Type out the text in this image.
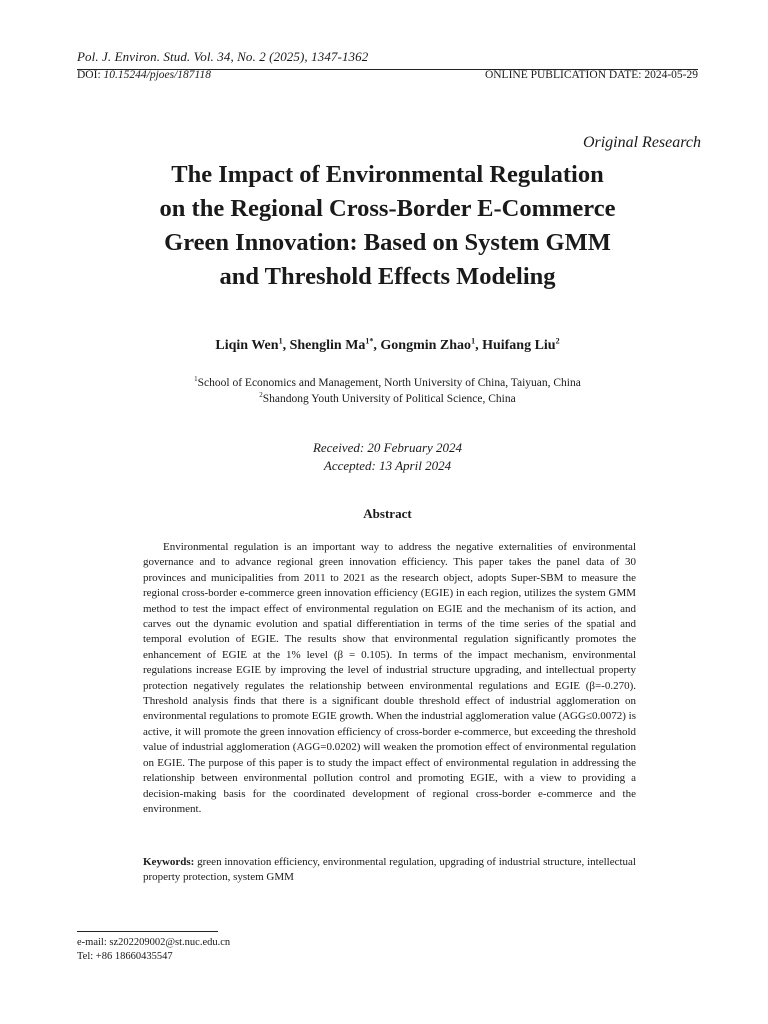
Pol. J. Environ. Stud. Vol. 34, No. 2 (2025), 1347-1362
DOI: 10.15244/pjoes/187118	ONLINE PUBLICATION DATE: 2024-05-29
Original Research
The Impact of Environmental Regulation
on the Regional Cross-Border E-Commerce
Green Innovation: Based on System GMM
and Threshold Effects Modeling
Liqin Wen$^1$, Shenglin $Ma^{1*}$, Gongmin Zhao$^1$, Huifang Liu$^2$
$^1$School of Economics and Management, North University of China, Taiyuan, China
$^2$Shandong Youth University of Political Science, China
Received: 20 February 2024
Accepted: 13 April 2024
Abstract
Environmental regulation is an important way to address the negative externalities of environmental governance and to advance regional green innovation efficiency. This paper takes the panel data of 30 provinces and municipalities from 2011 to 2021 as the research object, adopts Super-SBM to measure the regional cross-border e-commerce green innovation efficiency (EGIE) in each region, utilizes the system GMM method to test the impact effect of environmental regulation on EGIE and the mechanism of its action, and carves out the dynamic evolution and spatial differentiation in terms of the time series of the spatial and temporal evolution of EGIE. The results show that environmental regulation significantly promotes the enhancement of EGIE at the 1% level (β = 0.105). In terms of the impact mechanism, environmental regulations increase EGIE by improving the level of industrial structure upgrading, and intellectual property protection negatively regulates the relationship between environmental regulations and EGIE (β=-0.270). Threshold analysis finds that there is a significant double threshold effect of industrial agglomeration on environmental regulations to promote EGIE growth. When the industrial agglomeration value (AGG≤0.0072) is active, it will promote the green innovation efficiency of cross-border e-commerce, but exceeding the threshold value of industrial agglomeration (AGG=0.0202) will weaken the promotion effect of environmental regulation on EGIE. The purpose of this paper is to study the impact effect of environmental regulation in addressing the relationship between environmental pollution control and promoting EGIE, with a view to providing a decision-making basis for the coordinated development of regional cross-border e-commerce and the environment.
Keywords: green innovation efficiency, environmental regulation, upgrading of industrial structure, intellectual property protection, system GMM
e-mail: sz202209002@st.nuc.edu.cn
Tel: +86 18660435547
